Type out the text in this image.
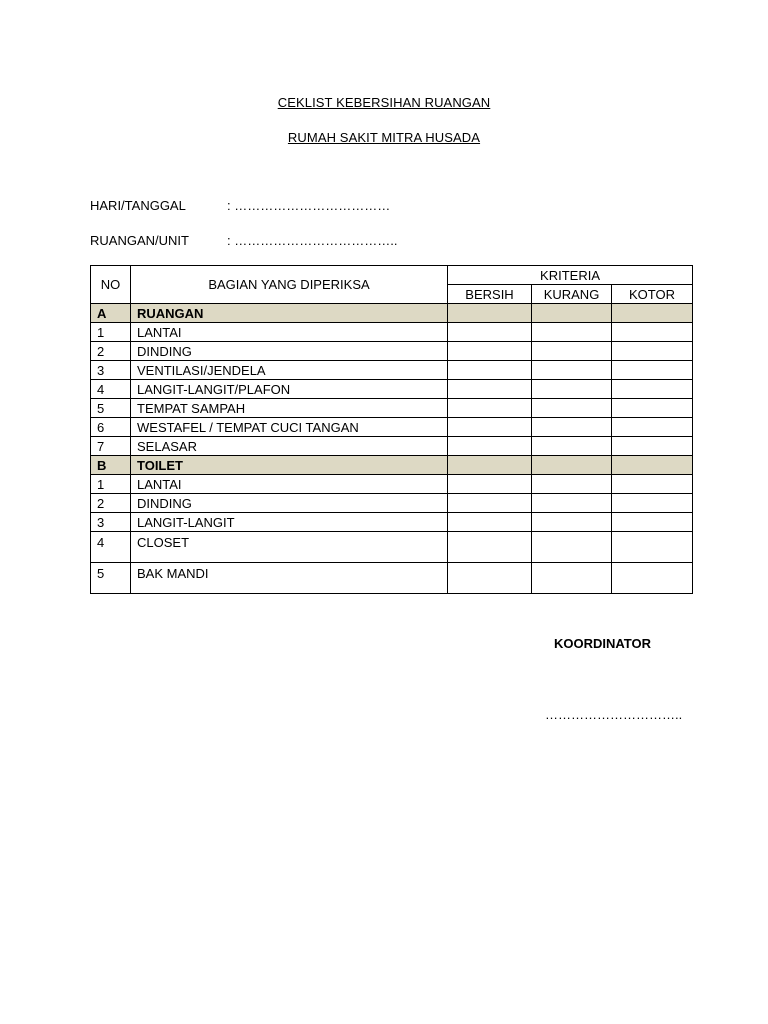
CEKLIST KEBERSIHAN RUANGAN
RUMAH SAKIT MITRA HUSADA
HARI/TANGGAL	: ………………………………
RUANGAN/UNIT	: ………………………………..
NO	BAGIAN YANG DIPERIKSA	KRITERIA		
		BERSIH	KURANG	KOTOR
A	RUANGAN			
1	LANTAI			
2	DINDING			
3	VENTILASI/JENDELA			
4	LANGIT-LANGIT/PLAFON			
5	TEMPAT SAMPAH			
6	WESTAFEL / TEMPAT CUCI TANGAN			
7	SELASAR			
B	TOILET			
1	LANTAI			
2	DINDING			
3	LANGIT-LANGIT			
4	CLOSET			
5	BAK MANDI			
KOORDINATOR
…………………………..
